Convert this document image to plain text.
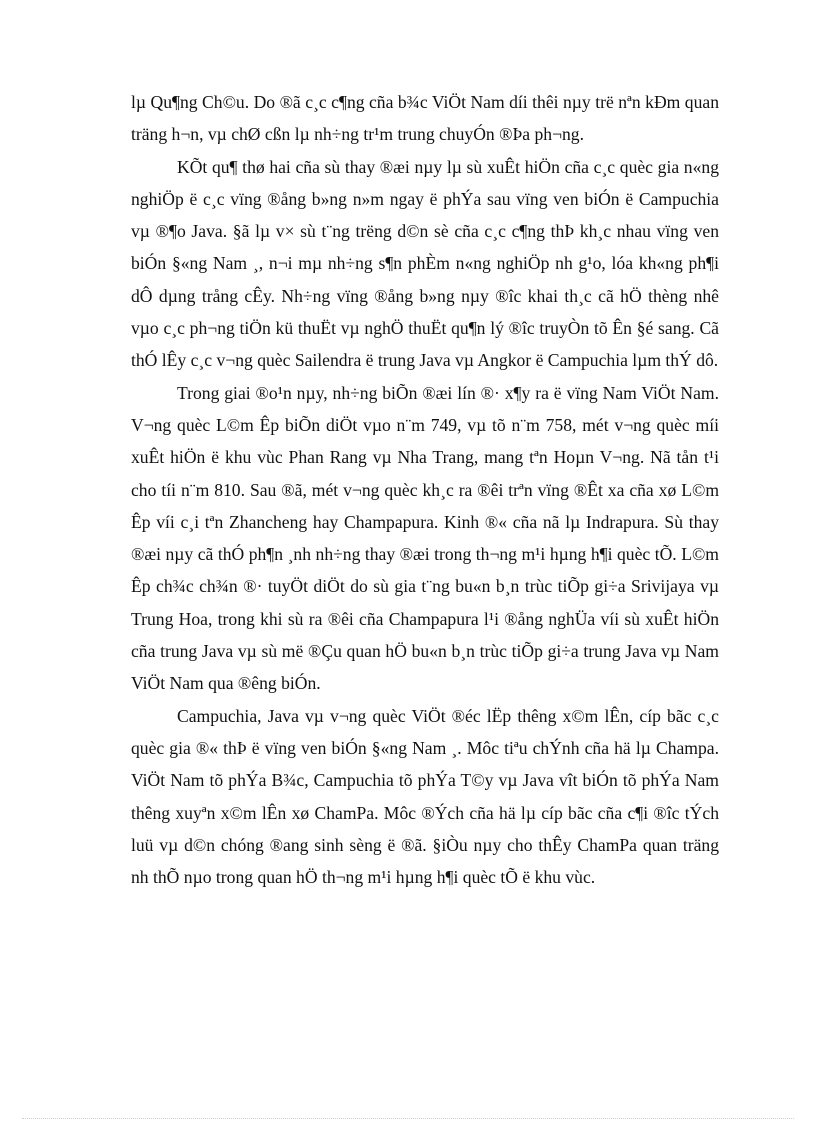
lµ Qu¶ng Ch©u. Do ®ã c¸c c¶ng cña b¾c ViÖt Nam díi thêi nµy trë nªn kÐm quan träng h¬n, vµ chØ cßn lµ nh÷ng tr¹m trung chuyÓn ®Þa ph¬ng.

KÕt qu¶ thø hai cña sù thay ®æi nµy lµ sù xuÊt hiÖn cña c¸c quèc gia n«ng nghiÖp ë c¸c vïng ®ång b»ng n»m ngay ë phÝa sau vïng ven biÓn ë Campuchia vµ ®¶o Java. §ã lµ v× sù t¨ng trëng d©n sè cña c¸c c¶ng thÞ kh¸c nhau vïng ven biÓn §«ng Nam ¸, n¬i mµ nh÷ng s¶n phÈm n«ng nghiÖp nh g¹o, lóa kh«ng ph¶i dÔ dµng trång cÊy. Nh÷ng vïng ®ång b»ng nµy ®îc khai th¸c cã hÖ thèng nhê vµo c¸c ph¬ng tiÖn kü thuËt vµ nghÖ thuËt qu¶n lý ®îc truyÒn tõ Ên §é sang. Cã thÓ lÊy c¸c v¬ng quèc Sailendra ë trung Java vµ Angkor ë Campuchia lµm thÝ dô.

Trong giai ®o¹n nµy, nh÷ng biÕn ®æi lín ®· x¶y ra ë vïng Nam ViÖt Nam. V¬ng quèc L©m Êp biÕn diÖt vµo n¨m 749, vµ tõ n¨m 758, mét v¬ng quèc míi xuÊt hiÖn ë khu vùc Phan Rang vµ Nha Trang, mang tªn Hoµn V¬ng. Nã tån t¹i cho tíi n¨m 810. Sau ®ã, mét v¬ng quèc kh¸c ra ®êi trªn vïng ®Êt xa cña xø L©m Êp víi c¸i tªn Zhancheng hay Champapura. Kinh ®« cña nã lµ Indrapura. Sù thay ®æi nµy cã thÓ ph¶n ¸nh nh÷ng thay ®æi trong th¬ng m¹i hµng h¶i quèc tÕ. L©m Êp ch¾c ch¾n ®· tuyÖt diÖt do sù gia t¨ng bu«n b¸n trùc tiÕp gi÷a Srivijaya vµ Trung Hoa, trong khi sù ra ®êi cña Champapura l¹i ®ång nghÜa víi sù xuÊt hiÖn cña trung Java vµ sù më ®Çu quan hÖ bu«n b¸n trùc tiÕp gi÷a trung Java vµ Nam ViÖt Nam qua ®êng biÓn.

Campuchia, Java vµ v¬ng quèc ViÖt ®éc lËp thêng x©m lÊn, cíp bãc c¸c quèc gia ®« thÞ ë vïng ven biÓn §«ng Nam ¸. Môc tiªu chÝnh cña hä lµ Champa. ViÖt Nam tõ phÝa B¾c, Campuchia tõ phÝa T©y vµ Java vît biÓn tõ phÝa Nam thêng xuyªn x©m lÊn xø ChamPa. Môc ®Ých cña hä lµ cíp bãc cña c¶i ®îc tÝch luü vµ d©n chóng ®ang sinh sèng ë ®ã. §iÒu nµy cho thÊy ChamPa quan träng nh thÕ nµo trong quan hÖ th¬ng m¹i hµng h¶i quèc tÕ ë khu vùc.
